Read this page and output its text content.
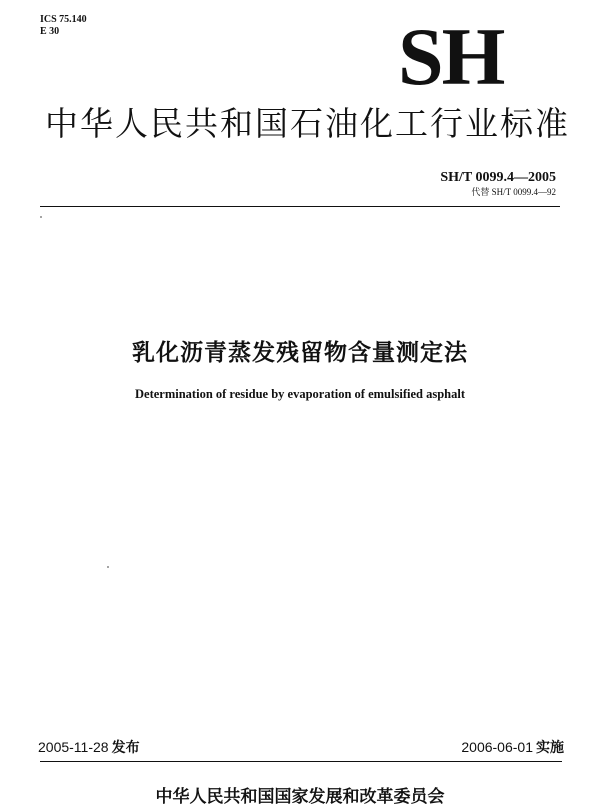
ICS 75.140
E 30	SH
中华人民共和国石油化工行业标准
SH/T 0099.4—2005
代替 SH/T 0099.4—92
乳化沥青蒸发残留物含量测定法
Determination of residue by evaporation of emulsified asphalt
2005-11-28 发布	2006-06-01 实施
中华人民共和国国家发展和改革委员会
